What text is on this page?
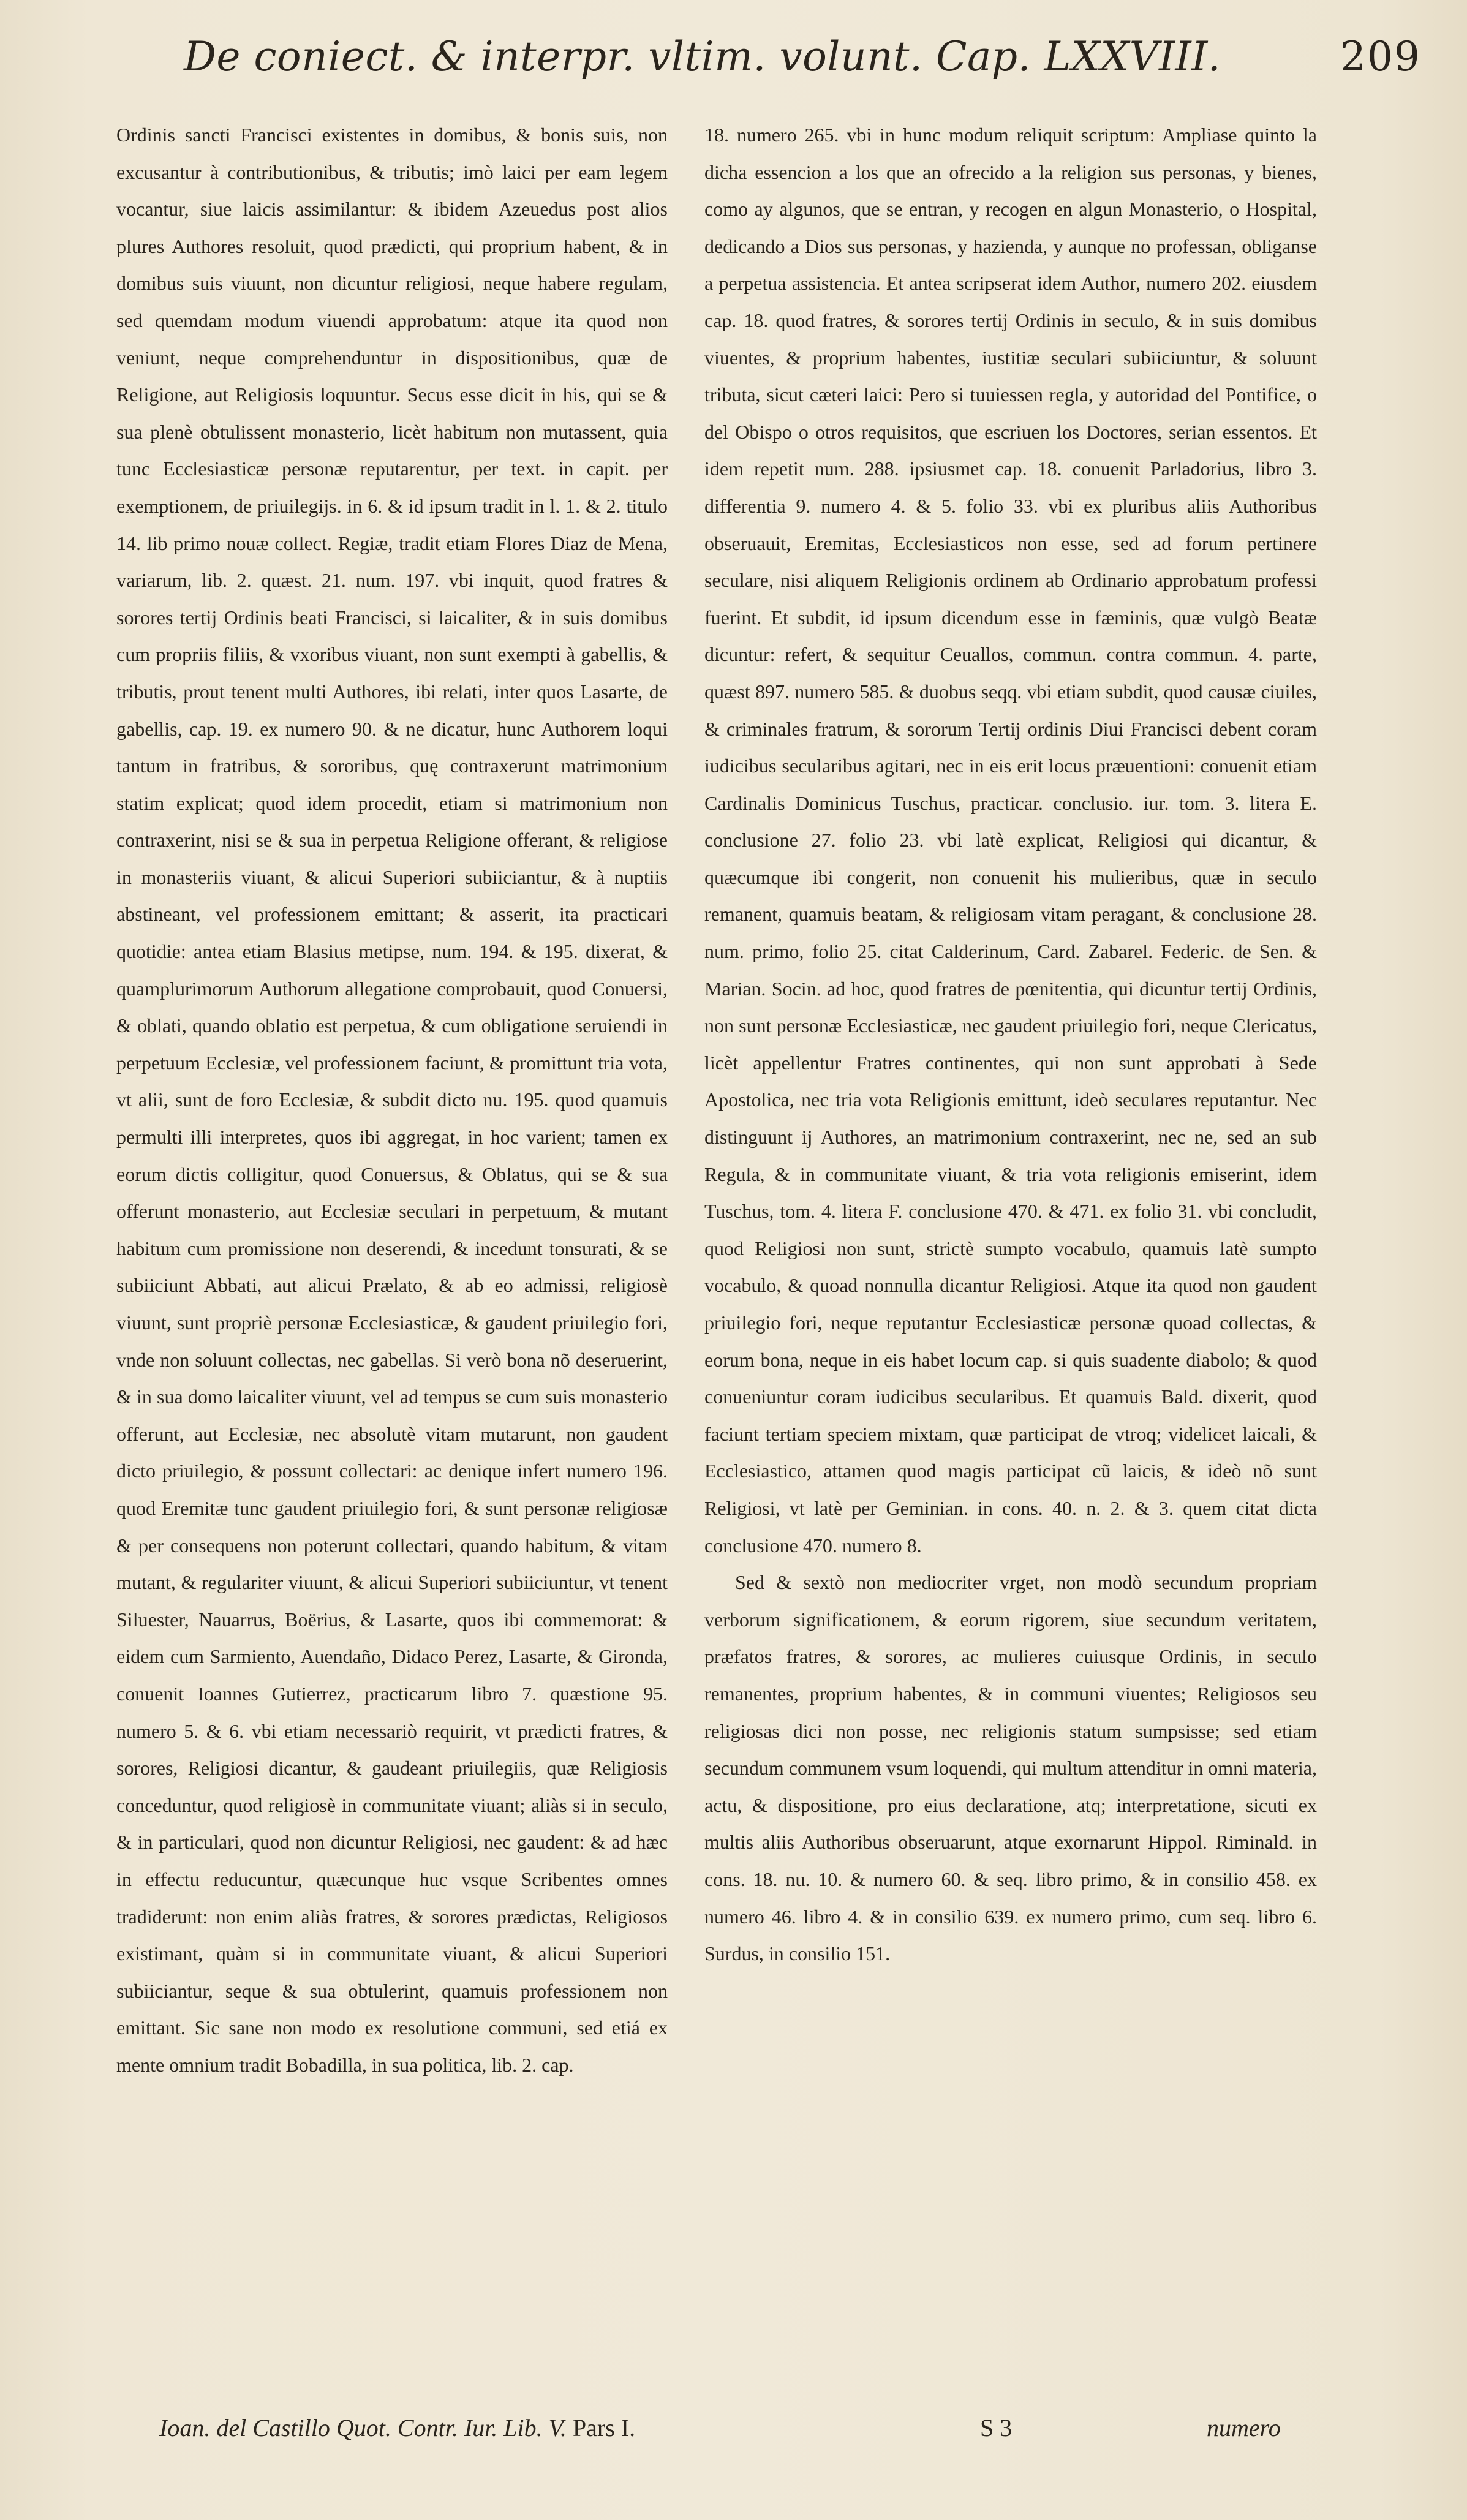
De coniect. & interpr. vltim. volunt. Cap. LXXVIII.	209

Ordinis sancti Francisci existentes in domibus, & bonis suis, non excusantur à contributionibus, & tributis; imò laici per eam legem vocantur, siue laicis assimilantur: & ibidem Azeuedus post alios plures Authores resoluit, quod prædicti, qui proprium habent, & in domibus suis viuunt, non dicuntur religiosi, neque habere regulam, sed quemdam modum viuendi approbatum: atque ita quod non veniunt, neque comprehenduntur in dispositionibus, quæ de Religione, aut Religiosis loquuntur. Secus esse dicit in his, qui se & sua plenè obtulissent monasterio, licèt habitum non mutassent, quia tunc Ecclesiasticæ personæ reputarentur, per text. in capit. per exemptionem, de priuilegijs. in 6. & id ipsum tradit in l. 1. & 2. titulo 14. lib primo nouæ collect. Regiæ, tradit etiam Flores Diaz de Mena, variarum, lib. 2. quæst. 21. num. 197. vbi inquit, quod fratres & sorores tertij Ordinis beati Francisci, si laicaliter, & in suis domibus cum propriis filiis, & vxoribus viuant, non sunt exempti à gabellis, & tributis, prout tenent multi Authores, ibi relati, inter quos Lasarte, de gabellis, cap. 19. ex numero 90. & ne dicatur, hunc Authorem loqui tantum in fratribus, & sororibus, quę contraxerunt matrimonium statim explicat; quod idem procedit, etiam si matrimonium non contraxerint, nisi se & sua in perpetua Religione offerant, & religiose in monasteriis viuant, & alicui Superiori subiiciantur, & à nuptiis abstineant, vel professionem emittant; & asserit, ita practicari quotidie: antea etiam Blasius metipse, num. 194. & 195. dixerat, & quamplurimorum Authorum allegatione comprobauit, quod Conuersi, & oblati, quando oblatio est perpetua, & cum obligatione seruiendi in perpetuum Ecclesiæ, vel professionem faciunt, & promittunt tria vota, vt alii, sunt de foro Ecclesiæ, & subdit dicto nu. 195. quod quamuis permulti illi interpretes, quos ibi aggregat, in hoc varient; tamen ex eorum dictis colligitur, quod Conuersus, & Oblatus, qui se & sua offerunt monasterio, aut Ecclesiæ seculari in perpetuum, & mutant habitum cum promissione non deserendi, & incedunt tonsurati, & se subiiciunt Abbati, aut alicui Prælato, & ab eo admissi, religiosè viuunt, sunt propriè personæ Ecclesiasticæ, & gaudent priuilegio fori, vnde non soluunt collectas, nec gabellas. Si verò bona nõ deseruerint, & in sua domo laicaliter viuunt, vel ad tempus se cum suis monasterio offerunt, aut Ecclesiæ, nec absolutè vitam mutarunt, non gaudent dicto priuilegio, & possunt collectari: ac denique infert numero 196. quod Eremitæ tunc gaudent priuilegio fori, & sunt personæ religiosæ & per consequens non poterunt collectari, quando habitum, & vitam mutant, & regulariter viuunt, & alicui Superiori subiiciuntur, vt tenent Siluester, Nauarrus, Boërius, & Lasarte, quos ibi commemorat: & eidem cum Sarmiento, Auendaño, Didaco Perez, Lasarte, & Gironda, conuenit Ioannes Gutierrez, practicarum libro 7. quæstione 95. numero 5. & 6. vbi etiam necessariò requirit, vt prædicti fratres, & sorores, Religiosi dicantur, & gaudeant priuilegiis, quæ Religiosis conceduntur, quod religiosè in communitate viuant; aliàs si in seculo, & in particulari, quod non dicuntur Religiosi, nec gaudent: & ad hæc in effectu reducuntur, quæcunque huc vsque Scribentes omnes tradiderunt: non enim aliàs fratres, & sorores prædictas, Religiosos existimant, quàm si in communitate viuant, & alicui Superiori subiiciantur, seque & sua obtulerint, quamuis professionem non emittant. Sic sane non modo ex resolutione communi, sed etiá ex mente omnium tradit Bobadilla, in sua politica, lib. 2. cap.

18. numero 265. vbi in hunc modum reliquit scriptum: Ampliase quinto la dicha essencion a los que an ofrecido a la religion sus personas, y bienes, como ay algunos, que se entran, y recogen en algun Monasterio, o Hospital, dedicando a Dios sus personas, y hazienda, y aunque no professan, obliganse a perpetua assistencia. Et antea scripserat idem Author, numero 202. eiusdem cap. 18. quod fratres, & sorores tertij Ordinis in seculo, & in suis domibus viuentes, & proprium habentes, iustitiæ seculari subiiciuntur, & soluunt tributa, sicut cæteri laici: Pero si tuuiessen regla, y autoridad del Pontifice, o del Obispo o otros requisitos, que escriuen los Doctores, serian essentos. Et idem repetit num. 288. ipsiusmet cap. 18. conuenit Parladorius, libro 3. differentia 9. numero 4. & 5. folio 33. vbi ex pluribus aliis Authoribus obseruauit, Eremitas, Ecclesiasticos non esse, sed ad forum pertinere seculare, nisi aliquem Religionis ordinem ab Ordinario approbatum professi fuerint. Et subdit, id ipsum dicendum esse in fæminis, quæ vulgò Beatæ dicuntur: refert, & sequitur Ceuallos, commun. contra commun. 4. parte, quæst 897. numero 585. & duobus seqq. vbi etiam subdit, quod causæ ciuiles, & criminales fratrum, & sororum Tertij ordinis Diui Francisci debent coram iudicibus secularibus agitari, nec in eis erit locus præuentioni: conuenit etiam Cardinalis Dominicus Tuschus, practicar. conclusio. iur. tom. 3. litera E. conclusione 27. folio 23. vbi latè explicat, Religiosi qui dicantur, & quæcumque ibi congerit, non conuenit his mulieribus, quæ in seculo remanent, quamuis beatam, & religiosam vitam peragant, & conclusione 28. num. primo, folio 25. citat Calderinum, Card. Zabarel. Federic. de Sen. & Marian. Socin. ad hoc, quod fratres de pœnitentia, qui dicuntur tertij Ordinis, non sunt personæ Ecclesiasticæ, nec gaudent priuilegio fori, neque Clericatus, licèt appellentur Fratres continentes, qui non sunt approbati à Sede Apostolica, nec tria vota Religionis emittunt, ideò seculares reputantur. Nec distinguunt ij Authores, an matrimonium contraxerint, nec ne, sed an sub Regula, & in communitate viuant, & tria vota religionis emiserint, idem Tuschus, tom. 4. litera F. conclusione 470. & 471. ex folio 31. vbi concludit, quod Religiosi non sunt, strictè sumpto vocabulo, quamuis latè sumpto vocabulo, & quoad nonnulla dicantur Religiosi. Atque ita quod non gaudent priuilegio fori, neque reputantur Ecclesiasticæ personæ quoad collectas, & eorum bona, neque in eis habet locum cap. si quis suadente diabolo; & quod conueniuntur coram iudicibus secularibus. Et quamuis Bald. dixerit, quod faciunt tertiam speciem mixtam, quæ participat de vtroq; videlicet laicali, & Ecclesiastico, attamen quod magis participat cũ laicis, & ideò nõ sunt Religiosi, vt latè per Geminian. in cons. 40. n. 2. & 3. quem citat dicta conclusione 470. numero 8.

Sed & sextò non mediocriter vrget, non modò secundum propriam verborum significationem, & eorum rigorem, siue secundum veritatem, præfatos fratres, & sorores, ac mulieres cuiusque Ordinis, in seculo remanentes, proprium habentes, & in communi viuentes; Religiosos seu religiosas dici non posse, nec religionis statum sumpsisse; sed etiam secundum communem vsum loquendi, qui multum attenditur in omni materia, actu, & dispositione, pro eius declaratione, atq; interpretatione, sicuti ex multis aliis Authoribus obseruarunt, atque exornarunt Hippol. Riminald. in cons. 18. nu. 10. & numero 60. & seq. libro primo, & in consilio 458. ex numero 46. libro 4. & in consilio 639. ex numero primo, cum seq. libro 6. Surdus, in consilio 151.

Ioan. del Castillo Quot. Contr. Iur. Lib. V. Pars I.	S 3	numero
